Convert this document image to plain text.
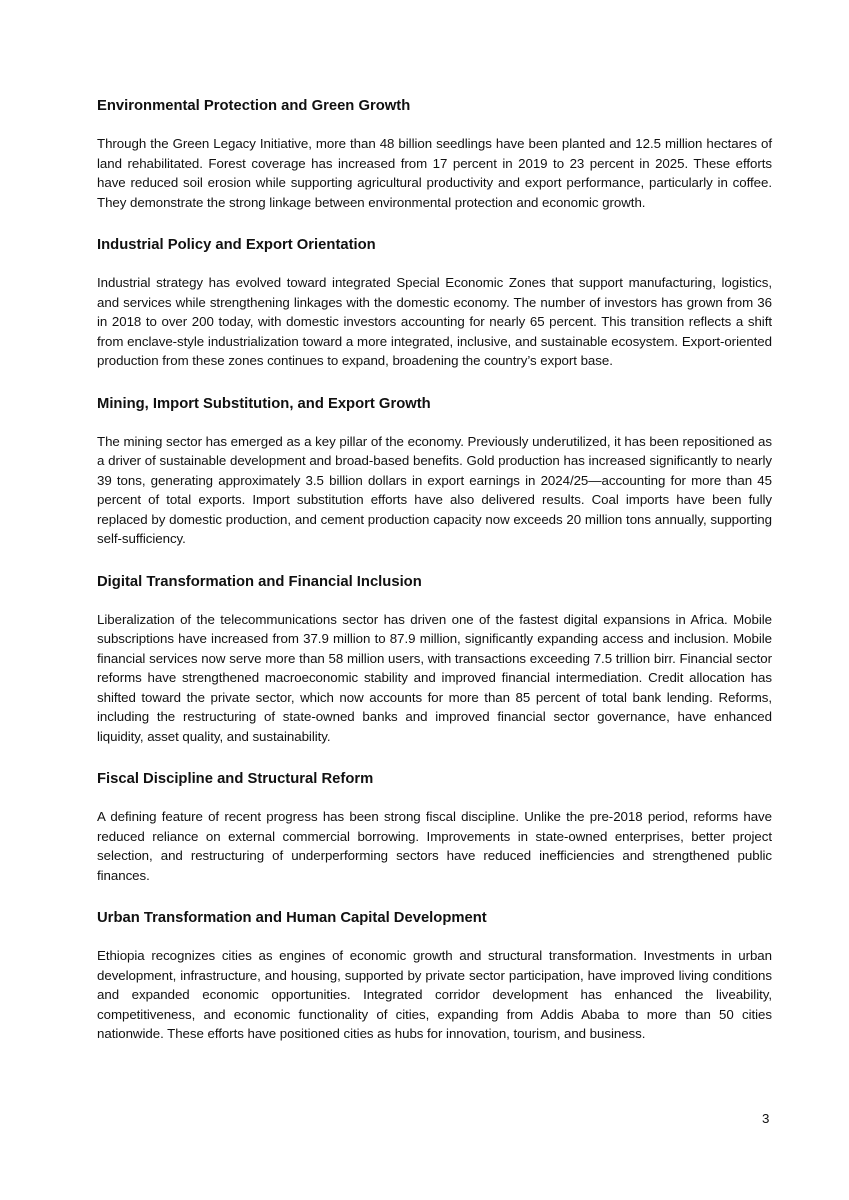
Environmental Protection and Green Growth

Through the Green Legacy Initiative, more than 48 billion seedlings have been planted and 12.5 million hectares of land rehabilitated. Forest coverage has increased from 17 percent in 2019 to 23 percent in 2025. These efforts have reduced soil erosion while supporting agricultural productivity and export performance, particularly in coffee. They demonstrate the strong linkage between environmental protection and economic growth.

Industrial Policy and Export Orientation

Industrial strategy has evolved toward integrated Special Economic Zones that support manufacturing, logistics, and services while strengthening linkages with the domestic economy. The number of investors has grown from 36 in 2018 to over 200 today, with domestic investors accounting for nearly 65 percent. This transition reflects a shift from enclave-style industrialization toward a more integrated, inclusive, and sustainable ecosystem. Export-oriented production from these zones continues to expand, broadening the country’s export base.

Mining, Import Substitution, and Export Growth

The mining sector has emerged as a key pillar of the economy. Previously underutilized, it has been repositioned as a driver of sustainable development and broad-based benefits. Gold production has increased significantly to nearly 39 tons, generating approximately 3.5 billion dollars in export earnings in 2024/25—accounting for more than 45 percent of total exports. Import substitution efforts have also delivered results. Coal imports have been fully replaced by domestic production, and cement production capacity now exceeds 20 million tons annually, supporting self-sufficiency.

Digital Transformation and Financial Inclusion

Liberalization of the telecommunications sector has driven one of the fastest digital expansions in Africa. Mobile subscriptions have increased from 37.9 million to 87.9 million, significantly expanding access and inclusion. Mobile financial services now serve more than 58 million users, with transactions exceeding 7.5 trillion birr. Financial sector reforms have strengthened macroeconomic stability and improved financial intermediation. Credit allocation has shifted toward the private sector, which now accounts for more than 85 percent of total bank lending. Reforms, including the restructuring of state-owned banks and improved financial sector governance, have enhanced liquidity, asset quality, and sustainability.

Fiscal Discipline and Structural Reform

A defining feature of recent progress has been strong fiscal discipline. Unlike the pre-2018 period, reforms have reduced reliance on external commercial borrowing. Improvements in state-owned enterprises, better project selection, and restructuring of underperforming sectors have reduced inefficiencies and strengthened public finances.

Urban Transformation and Human Capital Development

Ethiopia recognizes cities as engines of economic growth and structural transformation. Investments in urban development, infrastructure, and housing, supported by private sector participation, have improved living conditions and expanded economic opportunities. Integrated corridor development has enhanced the liveability, competitiveness, and economic functionality of cities, expanding from Addis Ababa to more than 50 cities nationwide. These efforts have positioned cities as hubs for innovation, tourism, and business.

3
